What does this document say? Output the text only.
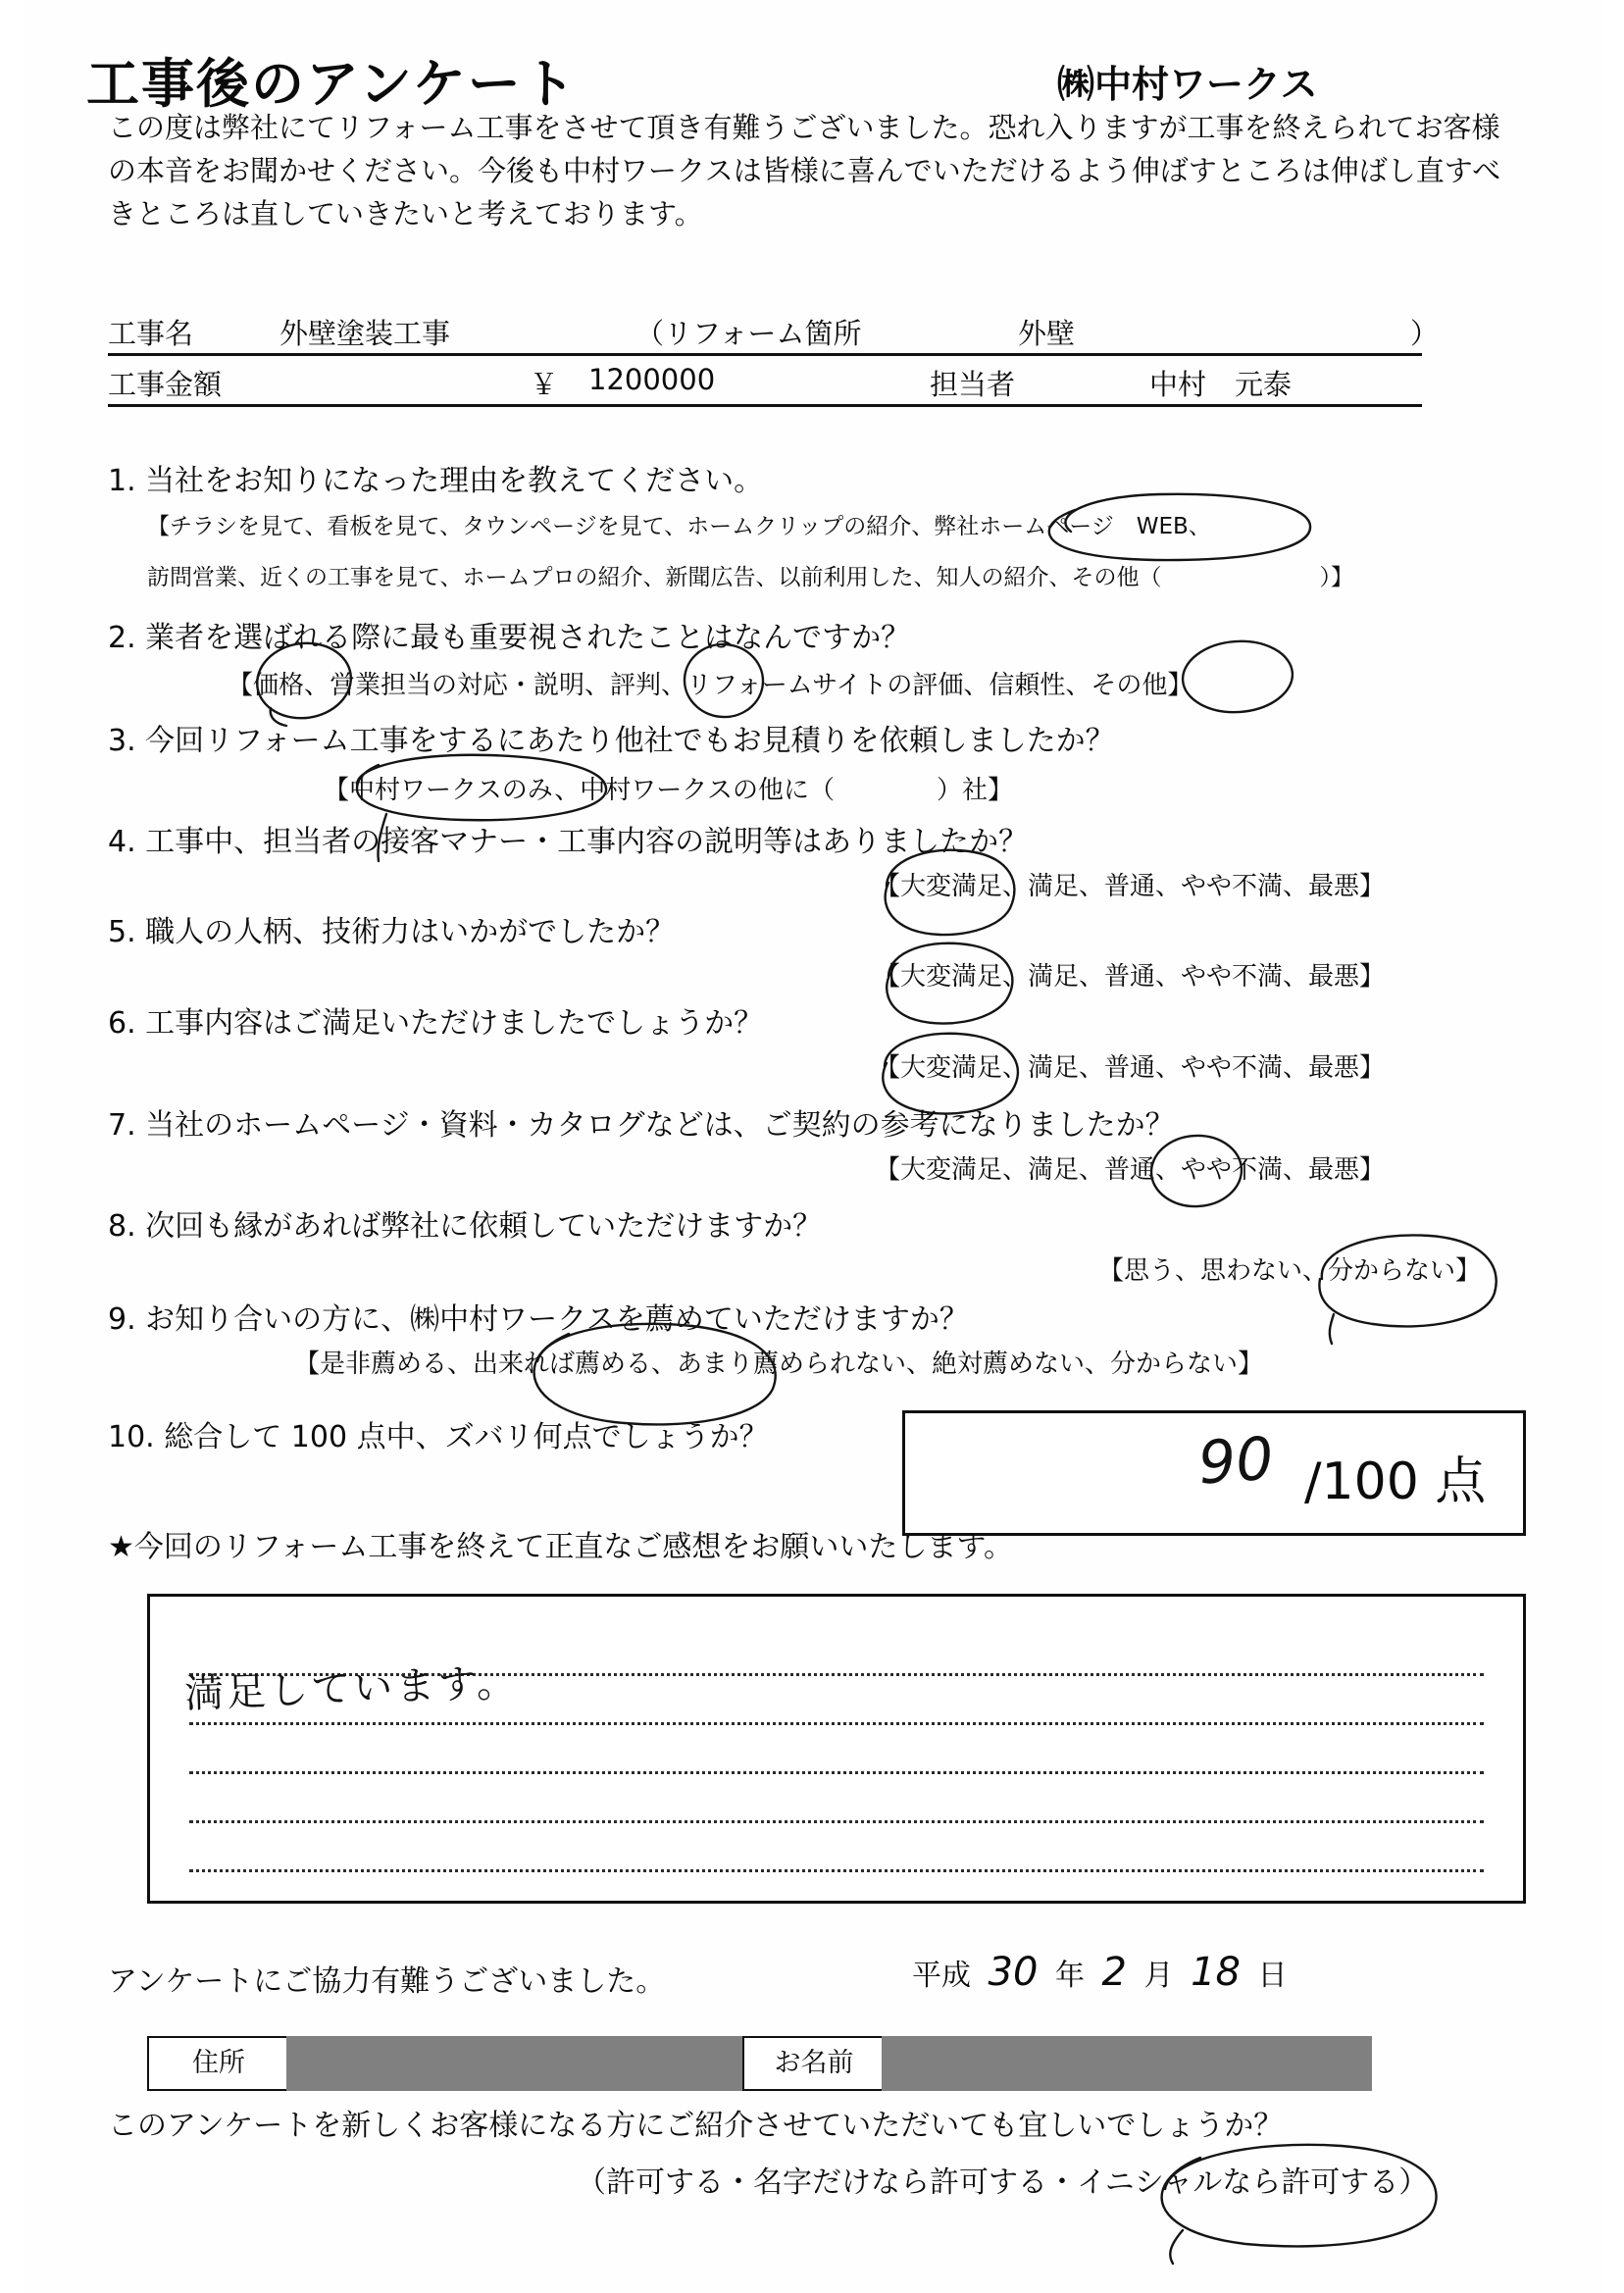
工事後のアンケート	㈱中村ワークス
この度は弊社にてリフォーム工事をさせて頂き有難うございました。恐れ入りますが工事を終えられてお客様の本音をお聞かせください。今後も中村ワークスは皆様に喜んでいただけるよう伸ばすところは伸ばし直すべきところは直していきたいと考えております。
工事名	外壁塗装工事	（リフォーム箇所	外壁	）
工事金額	￥ 1200000	担当者	中村　元泰
1. 当社をお知りになった理由を教えてください。
【チラシを見て、看板を見て、タウンページを見て、ホームクリップの紹介、弊社ホームページ　WEB、
訪問営業、近くの工事を見て、ホームプロの紹介、新聞広告、以前利用した、知人の紹介、その他（　　　　　　　）】
2. 業者を選ばれる際に最も重要視されたことはなんですか？
【価格、営業担当の対応・説明、評判、リフォームサイトの評価、信頼性、その他】
3. 今回リフォーム工事をするにあたり他社でもお見積りを依頼しましたか？
【中村ワークスのみ、中村ワークスの他に（　　　　）社】
4. 工事中、担当者の接客マナー・工事内容の説明等はありましたか？
【大変満足、満足、普通、やや不満、最悪】
5. 職人の人柄、技術力はいかがでしたか？
【大変満足、満足、普通、やや不満、最悪】
6. 工事内容はご満足いただけましたでしょうか？
【大変満足、満足、普通、やや不満、最悪】
7. 当社のホームページ・資料・カタログなどは、ご契約の参考になりましたか？
【大変満足、満足、普通、やや不満、最悪】
8. 次回も縁があれば弊社に依頼していただけますか？
【思う、思わない、分からない】
9. お知り合いの方に、㈱中村ワークスを薦めていただけますか？
【是非薦める、出来れば薦める、あまり薦められない、絶対薦めない、分からない】
10. 総合して 100 点中、ズバリ何点でしょうか？	90 /100 点
★今回のリフォーム工事を終えて正直なご感想をお願いいたします。
満足しています。
アンケートにご協力有難うございました。	平成 30 年 2 月 18 日
住所	お名前
このアンケートを新しくお客様になる方にご紹介させていただいても宜しいでしょうか？
（許可する・名字だけなら許可する・イニシャルなら許可する）
